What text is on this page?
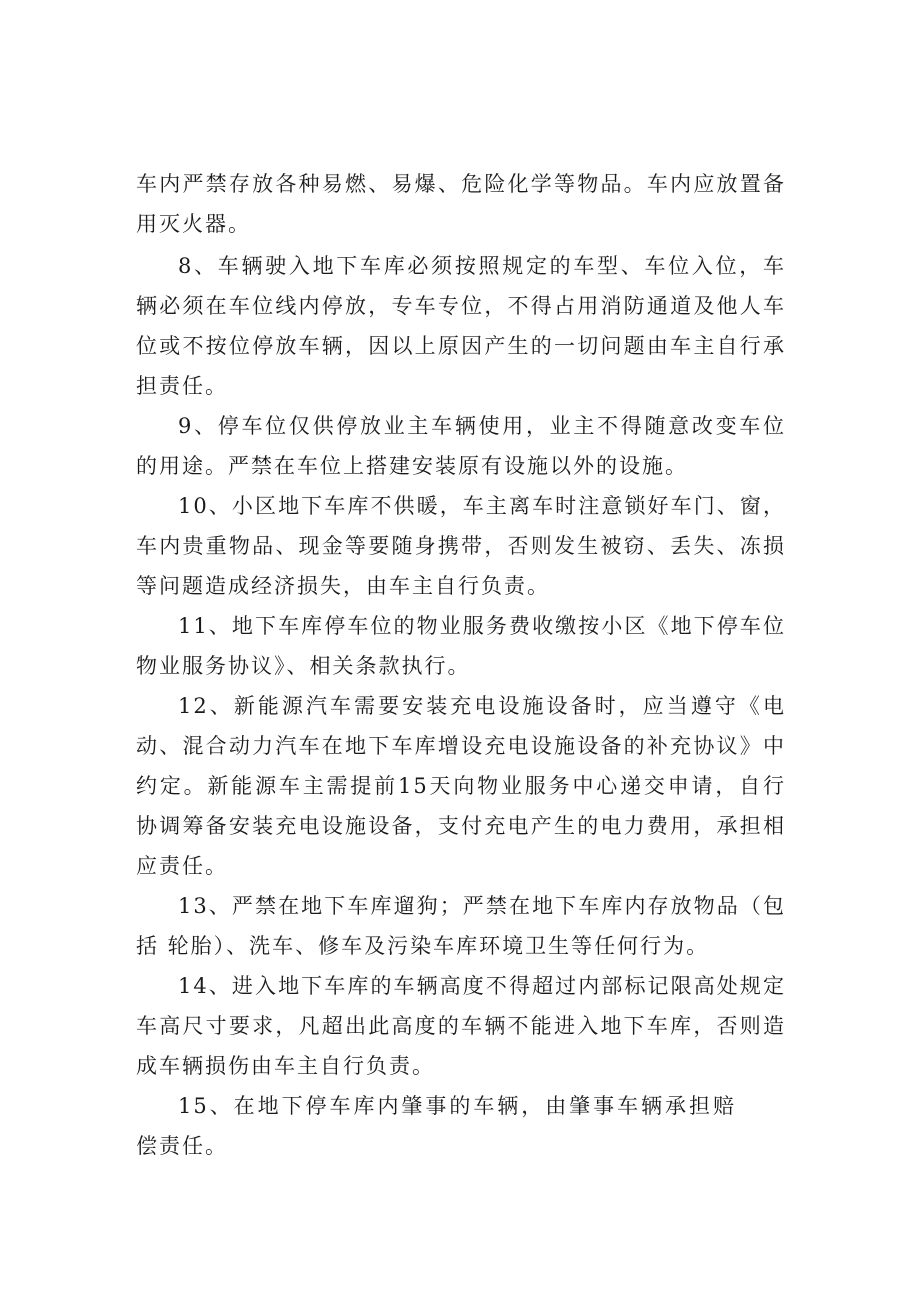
车内严禁存放各种易燃、易爆、危险化学等物品。车内应放置备用灭火器。

8、车辆驶入地下车库必须按照规定的车型、车位入位，车辆必须在车位线内停放，专车专位，不得占用消防通道及他人车位或不按位停放车辆，因以上原因产生的一切问题由车主自行承担责任。

9、停车位仅供停放业主车辆使用，业主不得随意改变车位的用途。严禁在车位上搭建安装原有设施以外的设施。

10、小区地下车库不供暖，车主离车时注意锁好车门、窗，车内贵重物品、现金等要随身携带，否则发生被窃、丢失、冻损等问题造成经济损失，由车主自行负责。

11、地下车库停车位的物业服务费收缴按小区《地下停车位物业服务协议》、相关条款执行。

12、新能源汽车需要安装充电设施设备时，应当遵守《电动、混合动力汽车在地下车库增设充电设施设备的补充协议》中约定。新能源车主需提前15天向物业服务中心递交申请，自行协调筹备安装充电设施设备，支付充电产生的电力费用，承担相应责任。

13、严禁在地下车库遛狗；严禁在地下车库内存放物品（包括 轮胎）、洗车、修车及污染车库环境卫生等任何行为。

14、进入地下车库的车辆高度不得超过内部标记限高处规定车高尺寸要求，凡超出此高度的车辆不能进入地下车库，否则造成车辆损伤由车主自行负责。

15、在地下停车库内肇事的车辆，由肇事车辆承担赔偿责任。
